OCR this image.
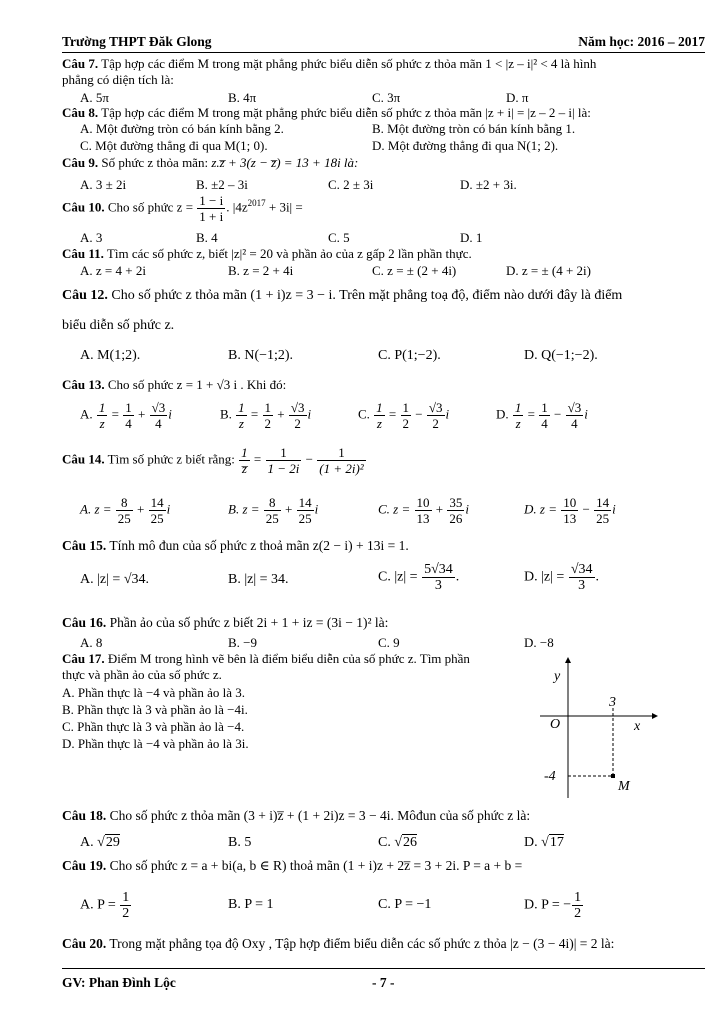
Trường THPT Đăk Glong	Năm học: 2016 – 2017
Câu 7. Tập hợp các điểm M trong mặt phẳng phức biểu diễn số phức z thỏa mãn 1 < |z – i|² < 4 là hình
phẳng có diện tích là:
A. 5π	B. 4π	C. 3π	D. π
Câu 8. Tập hợp các điểm M trong mặt phẳng phức biểu diễn số phức z thỏa mãn |z + i| = |z – 2 – i| là:
A. Một đường tròn có bán kính bằng 2.	B. Một đường tròn có bán kính bằng 1.
C. Một đường thẳng đi qua M(1; 0).	D. Một đường thẳng đi qua N(1; 2).
Câu 9. Số phức z thỏa mãn: z.z̅ + 3(z − z̅) = 13 + 18i là:
A. 3 ± 2i	B. ±2 – 3i	C. 2 ± 3i	D. ±2 + 3i.
Câu 10. Cho số phức $z = \frac{1 - i}{1 + i}$ . $|4z^{2017} + 3i|$ =
A. 3	B. 4	C. 5	D. 1
Câu 11. Tìm các số phức z, biết |z|² = 20 và phần ảo của z gấp 2 lần phần thực.
A. z = 4 + 2i	B. z = 2 + 4i	C. z = ± (2 + 4i)	D. z = ± (4 + 2i)
Câu 12. Cho số phức z thỏa mãn (1 + i)z = 3 − i. Trên mặt phẳng toạ độ, điểm nào dưới đây là điểm
biểu diễn số phức z.
A. M(1;2).	B. N(−1;2).	C. P(1;−2).	D. Q(−1;−2).
Câu 13. Cho số phức z = 1 + √3 i . Khi đó:
A. $\frac{1}{z} = \frac{1}{4} + \frac{√3}{4}$ i	B. $\frac{1}{z} = \frac{1}{2} + \frac{√3}{2}$ i	C. $\frac{1}{z} = \frac{1}{2} - \frac{√3}{2}$ i	D. $\frac{1}{z} = \frac{1}{4} - \frac{√3}{4}$ i
Câu 14. Tìm số phức z biết rằng: $\frac{1}{z̅} = \frac{1}{1 - 2i} - \frac{1}{\text{(1 + 2i)²}}$
A. $z = \frac{8}{25} + \frac{14}{25}$ i	B. $z = \frac{8}{25} + \frac{14}{25}$ i	C. $z = \frac{10}{13} + \frac{35}{26}$ i	D. $z = \frac{10}{13} - \frac{14}{25}$ i
Câu 15. Tính mô đun của số phức z thoả mãn z(2 − i) + 13i = 1.
A. |z| = √34.	B. |z| = 34.	C. $|z| = \frac{5√34}{3}$ .	D. $|z| = \frac{√34}{3}$ .
Câu 16. Phần ảo của số phức z biết 2i + 1 + iz = (3i − 1)² là:
A. 8	B. −9	C. 9	D. −8
Câu 17. Điểm M trong hình vẽ bên là điểm biểu diễn của số phức z. Tìm phần
thực và phần ảo của số phức z.
A. Phần thực là −4 và phần ảo là 3.
B. Phần thực là 3 và phần ảo là −4i.
C. Phần thực là 3 và phần ảo là −4.
D. Phần thực là −4 và phần ảo là 3i.
y
x
O
3
-4
M
Câu 18. Cho số phức z thỏa mãn (3 + i)z̅ + (1 + 2i)z = 3 − 4i. Môđun của số phức z là:
A. √29	B. 5	C. √26	D. √17
Câu 19. Cho số phức z = a + bi(a, b ∈ R) thoả mãn (1 + i)z + 2z̅ = 3 + 2i. P = a + b =
A. $P = \frac{1}{2}$	B. P = 1	C. P = −1	D. P = − $\frac{1}{2}$
Câu 20. Trong mặt phẳng tọa độ Oxy , Tập hợp điểm biểu diễn các số phức z thỏa |z − (3 − 4i)| = 2 là:
GV: Phan Đình Lộc	- 7 -
